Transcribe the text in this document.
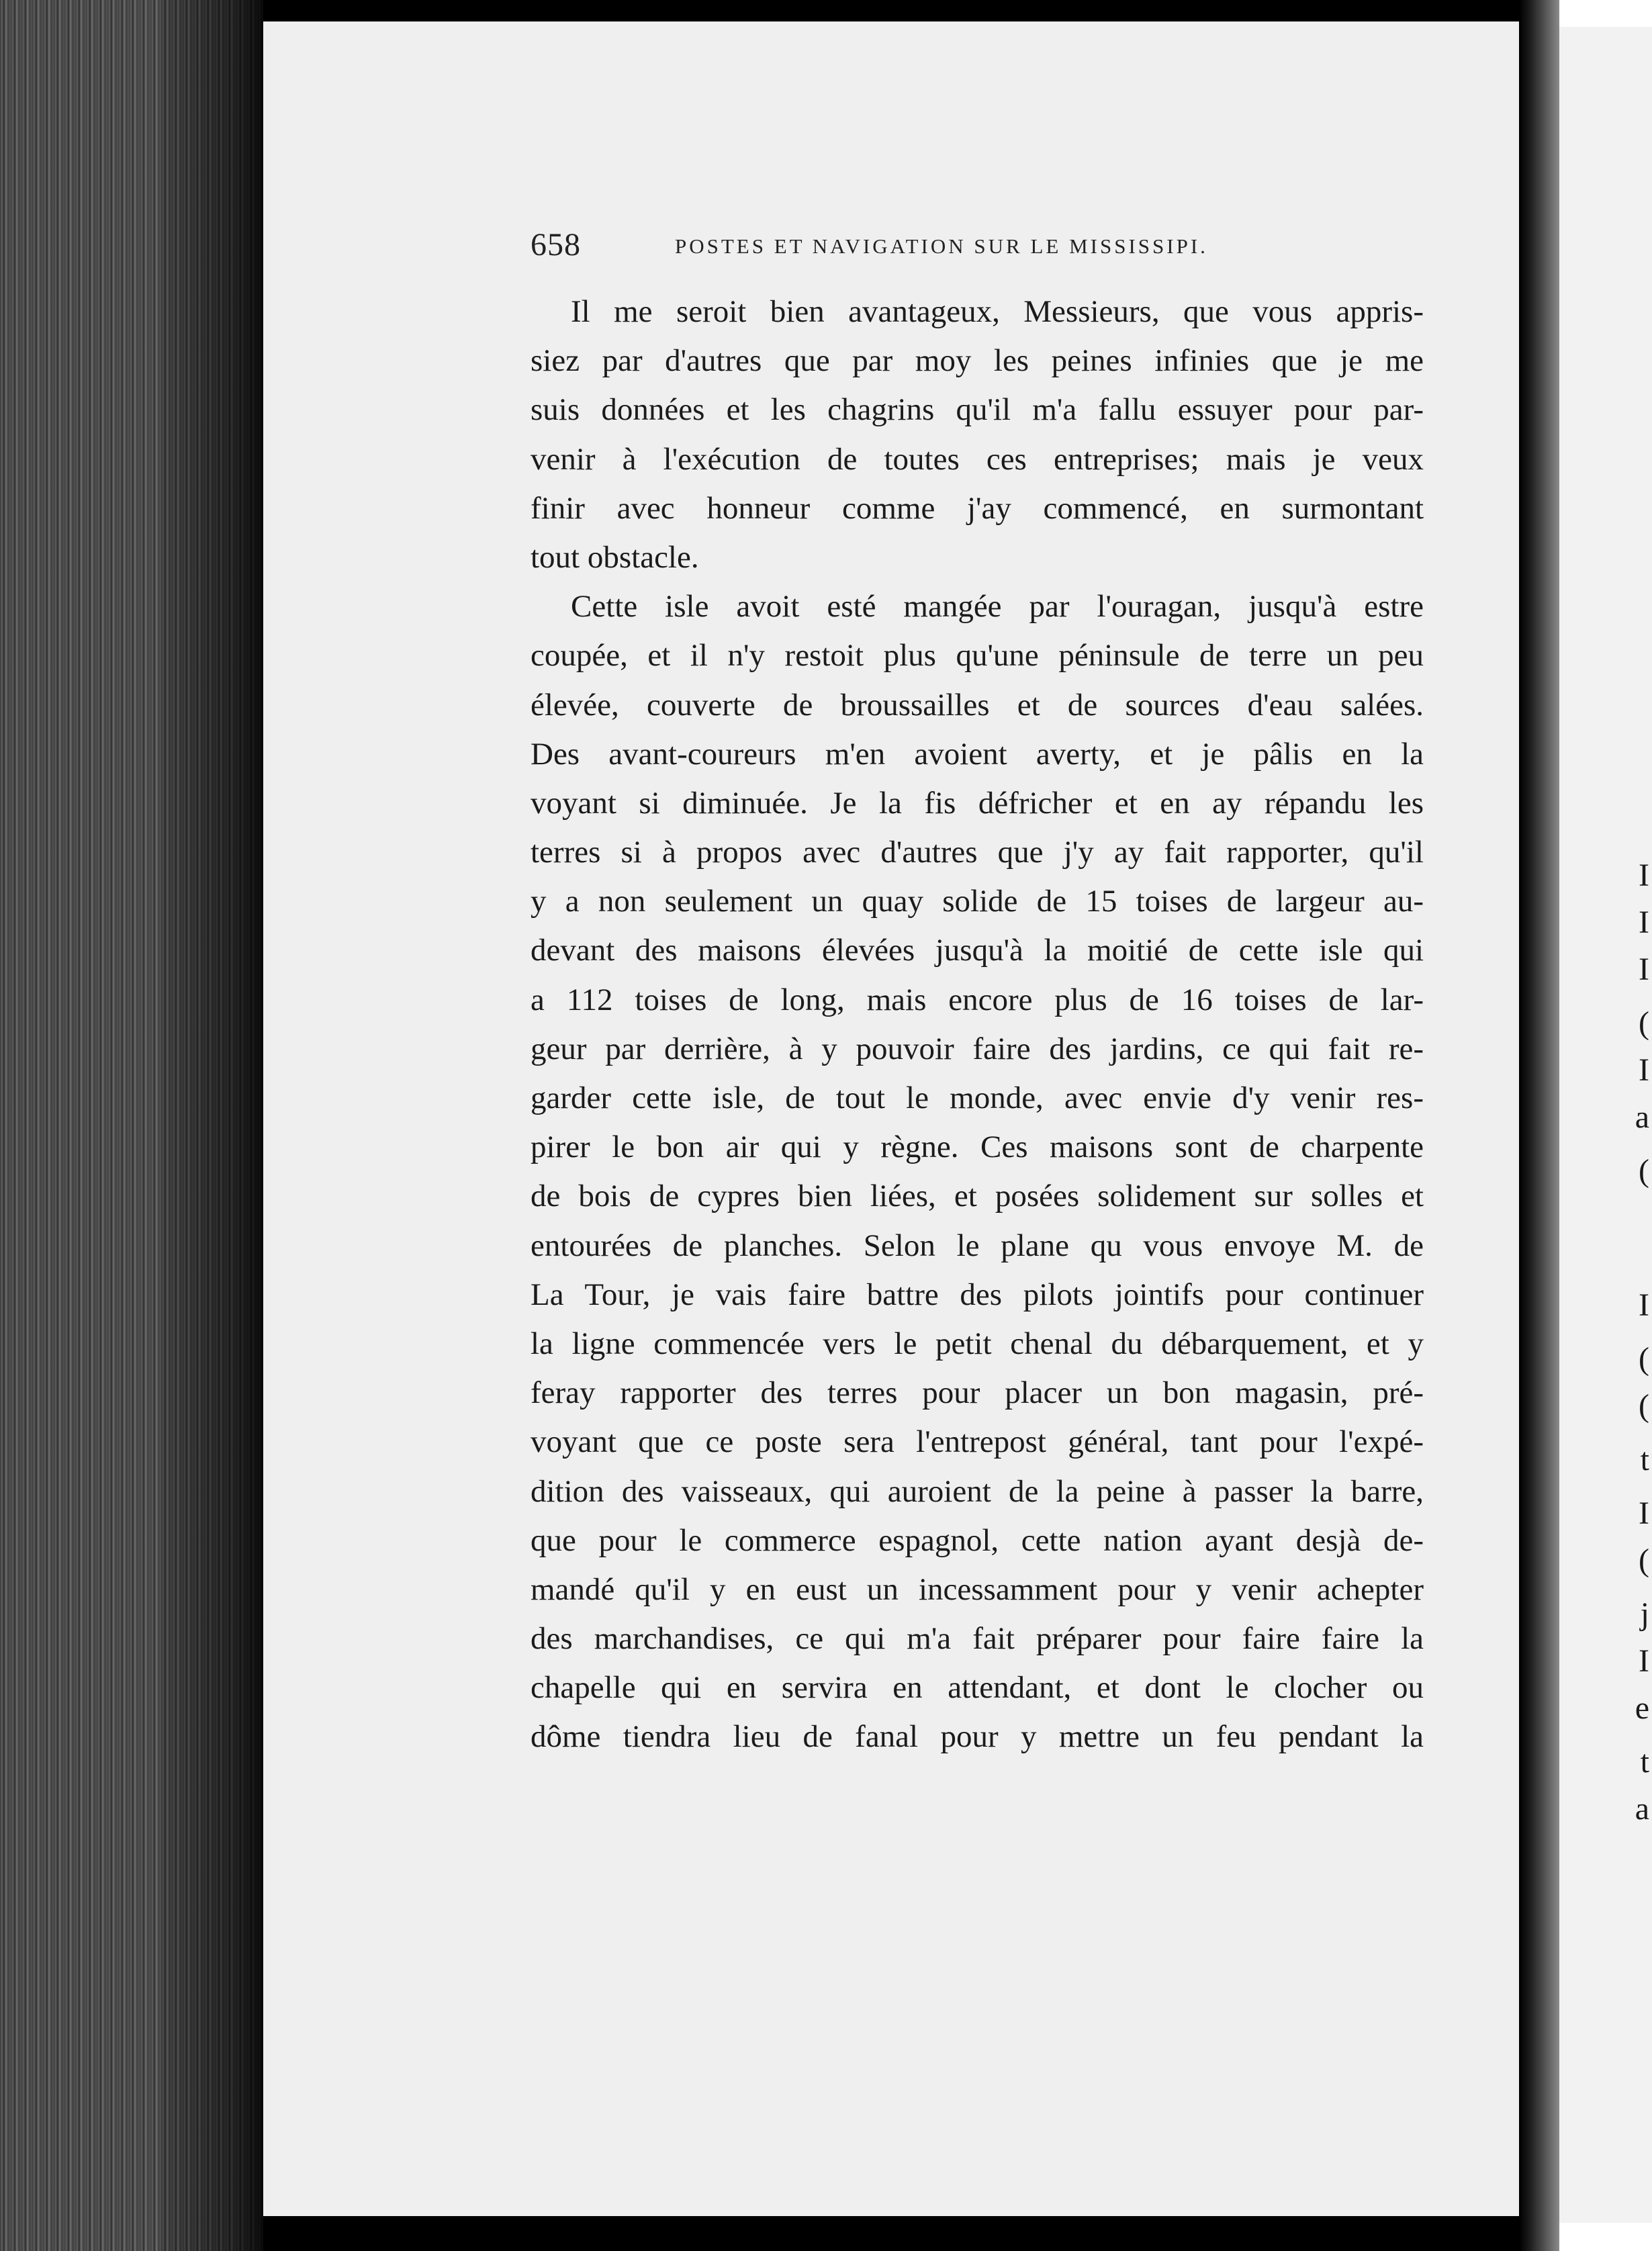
I
I
I
(
I
a
(
I
(
(
t
I
(
j
I
e
t
a
658	POSTES ET NAVIGATION SUR LE MISSISSIPI.
Il me seroit bien avantageux, Messieurs, que vous appris-
siez par d'autres que par moy les peines infinies que je me
suis données et les chagrins qu'il m'a fallu essuyer pour par-
venir à l'exécution de toutes ces entreprises; mais je veux
finir avec honneur comme j'ay commencé, en surmontant
tout obstacle.
Cette isle avoit esté mangée par l'ouragan, jusqu'à estre
coupée, et il n'y restoit plus qu'une péninsule de terre un peu
élevée, couverte de broussailles et de sources d'eau salées.
Des avant-coureurs m'en avoient averty, et je pâlis en la
voyant si diminuée. Je la fis défricher et en ay répandu les
terres si à propos avec d'autres que j'y ay fait rapporter, qu'il
y a non seulement un quay solide de 15 toises de largeur au-
devant des maisons élevées jusqu'à la moitié de cette isle qui
a 112 toises de long, mais encore plus de 16 toises de lar-
geur par derrière, à y pouvoir faire des jardins, ce qui fait re-
garder cette isle, de tout le monde, avec envie d'y venir res-
pirer le bon air qui y règne. Ces maisons sont de charpente
de bois de cypres bien liées, et posées solidement sur solles et
entourées de planches. Selon le plane qu vous envoye M. de
La Tour, je vais faire battre des pilots jointifs pour continuer
la ligne commencée vers le petit chenal du débarquement, et y
feray rapporter des terres pour placer un bon magasin, pré-
voyant que ce poste sera l'entrepost général, tant pour l'expé-
dition des vaisseaux, qui auroient de la peine à passer la barre,
que pour le commerce espagnol, cette nation ayant desjà de-
mandé qu'il y en eust un incessamment pour y venir achepter
des marchandises, ce qui m'a fait préparer pour faire faire la
chapelle qui en servira en attendant, et dont le clocher ou
dôme tiendra lieu de fanal pour y mettre un feu pendant la
